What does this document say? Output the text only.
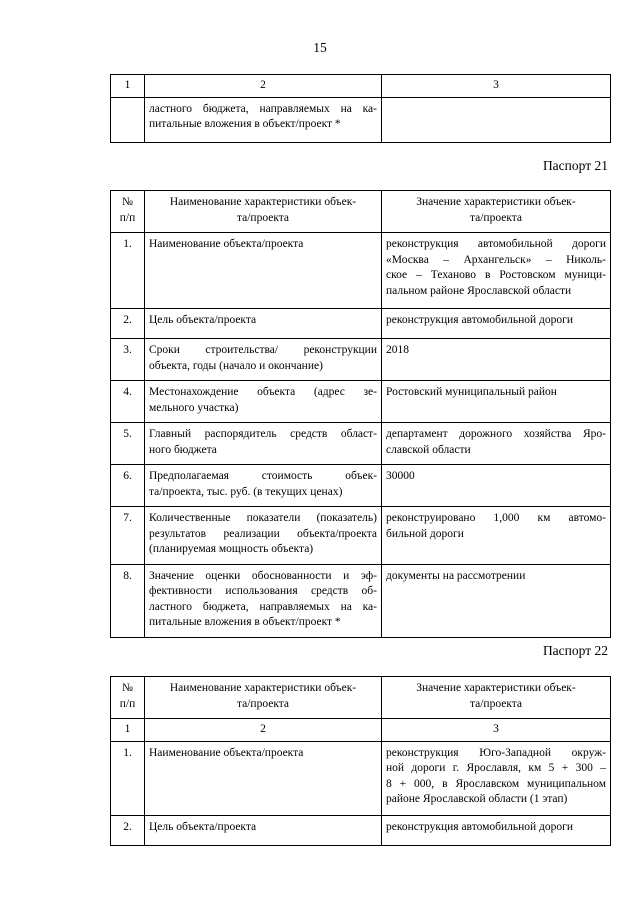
15
1	2	3

	ластного бюджета, направляемых на ка-
питальные вложения в объект/проект *	

Паспорт 21
№
п/п	Наименование характеристики объек-
та/проекта	Значение характеристики объек-
та/проекта

1.	Наименование объекта/проекта	реконструкция автомобильной дороги
«Москва – Архангельск» – Николь-
ское – Теханово в Ростовском муници-
пальном районе Ярославской области

2.	Цель объекта/проекта	реконструкция автомобильной дороги

3.	Сроки строительства/ реконструкции
объекта, годы (начало и окончание)	2018

4.	Местонахождение объекта (адрес зе-
мельного участка)	Ростовский муниципальный район

5.	Главный распорядитель средств област-
ного бюджета	департамент дорожного хозяйства Яро-
славской области

6.	Предполагаемая стоимость объек-
та/проекта, тыс. руб. (в текущих ценах)	30000

7.	Количественные показатели (показатель)
результатов реализации объекта/проекта
(планируемая мощность объекта)	реконструировано 1,000 км автомо-
бильной дороги

8.	Значение оценки обоснованности и эф-
фективности использования средств об-
ластного бюджета, направляемых на ка-
питальные вложения в объект/проект *	документы на рассмотрении
Паспорт 22
№
п/п	Наименование характеристики объек-
та/проекта	Значение характеристики объек-
та/проекта

1	2	3
1.	Наименование объекта/проекта	реконструкция Юго-Западной окруж-
ной дороги г. Ярославля, км 5 + 300 –
8 + 000, в Ярославском муниципальном
районе Ярославской области (1 этап)

2.	Цель объекта/проекта	реконструкция автомобильной дороги
